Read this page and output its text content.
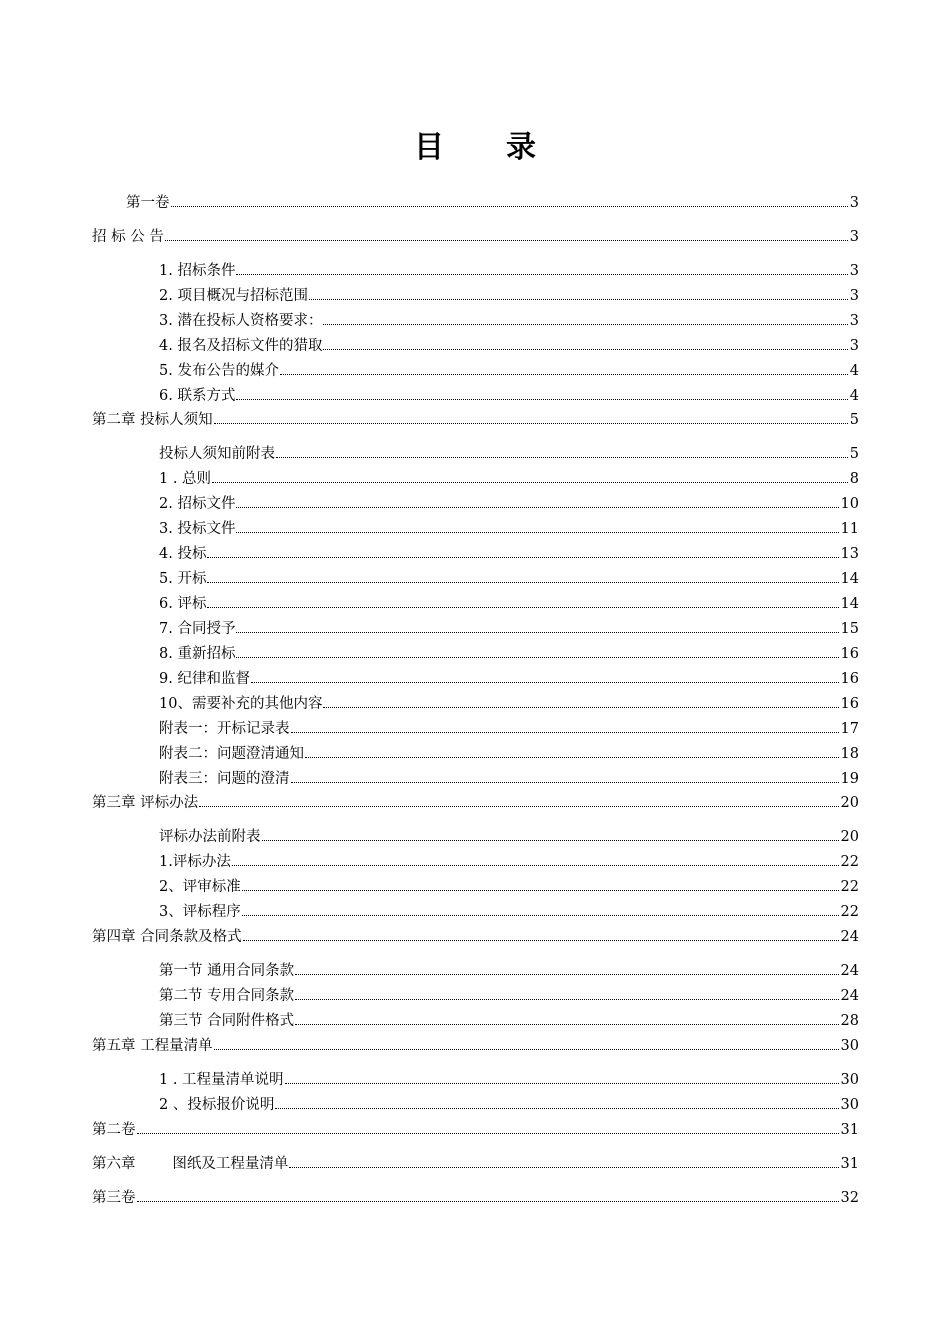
目录
第一卷	3
招 标 公 告	3
1. 招标条件	3
2. 项目概况与招标范围	3
3. 潜在投标人资格要求：	3
4. 报名及招标文件的猎取	3
5. 发布公告的媒介	4
6. 联系方式	4
第二章 投标人须知	5
投标人须知前附表	5
1 . 总则	8
2. 招标文件	10
3. 投标文件	11
4. 投标	13
5. 开标	14
6. 评标	14
7. 合同授予	15
8. 重新招标	16
9. 纪律和监督	16
10、需要补充的其他内容	16
附表一：开标记录表	17
附表二：问题澄清通知	18
附表三：问题的澄清	19
第三章 评标办法	20
评标办法前附表	20
1.评标办法	22
2、评审标准	22
3、评标程序	22
第四章 合同条款及格式	24
第一节 通用合同条款	24
第二节 专用合同条款	24
第三节 合同附件格式	28
第五章 工程量清单	30
1 . 工程量清单说明	30
2 、投标报价说明	30
第二卷	31
第六章        图纸及工程量清单	31
第三卷	32
